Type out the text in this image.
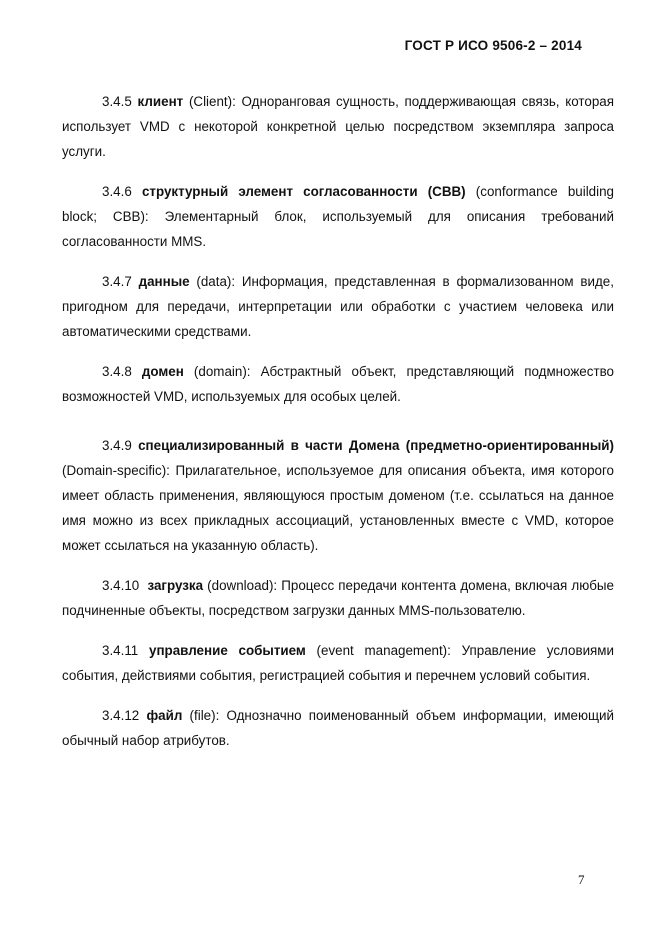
ГОСТ Р ИСО 9506-2 – 2014

3.4.5 клиент (Client): Одноранговая сущность, поддерживающая связь, которая использует VMD с некоторой конкретной целью посредством экземпляра запроса услуги.

3.4.6 структурный элемент согласованности (СВВ) (conformance building block; СВВ): Элементарный блок, используемый для описания требований согласованности MMS.

3.4.7 данные (data): Информация, представленная в формализованном виде, пригодном для передачи, интерпретации или обработки с участием человека или автоматическими средствами.

3.4.8 домен (domain): Абстрактный объект, представляющий подмножество возможностей VMD, используемых для особых целей.

3.4.9 специализированный в части Домена (предметно-ориентированный) (Domain-specific): Прилагательное, используемое для описания объекта, имя которого имеет область применения, являющуюся простым доменом (т.е. ссылаться на данное имя можно из всех прикладных ассоциаций, установленных вместе с VMD, которое может ссылаться на указанную область).

3.4.10 загрузка (download): Процесс передачи контента домена, включая любые подчиненные объекты, посредством загрузки данных MMS-пользователю.

3.4.11 управление событием (event management): Управление условиями события, действиями события, регистрацией события и перечнем условий события.

3.4.12 файл (file): Однозначно поименованный объем информации, имеющий обычный набор атрибутов.

7
